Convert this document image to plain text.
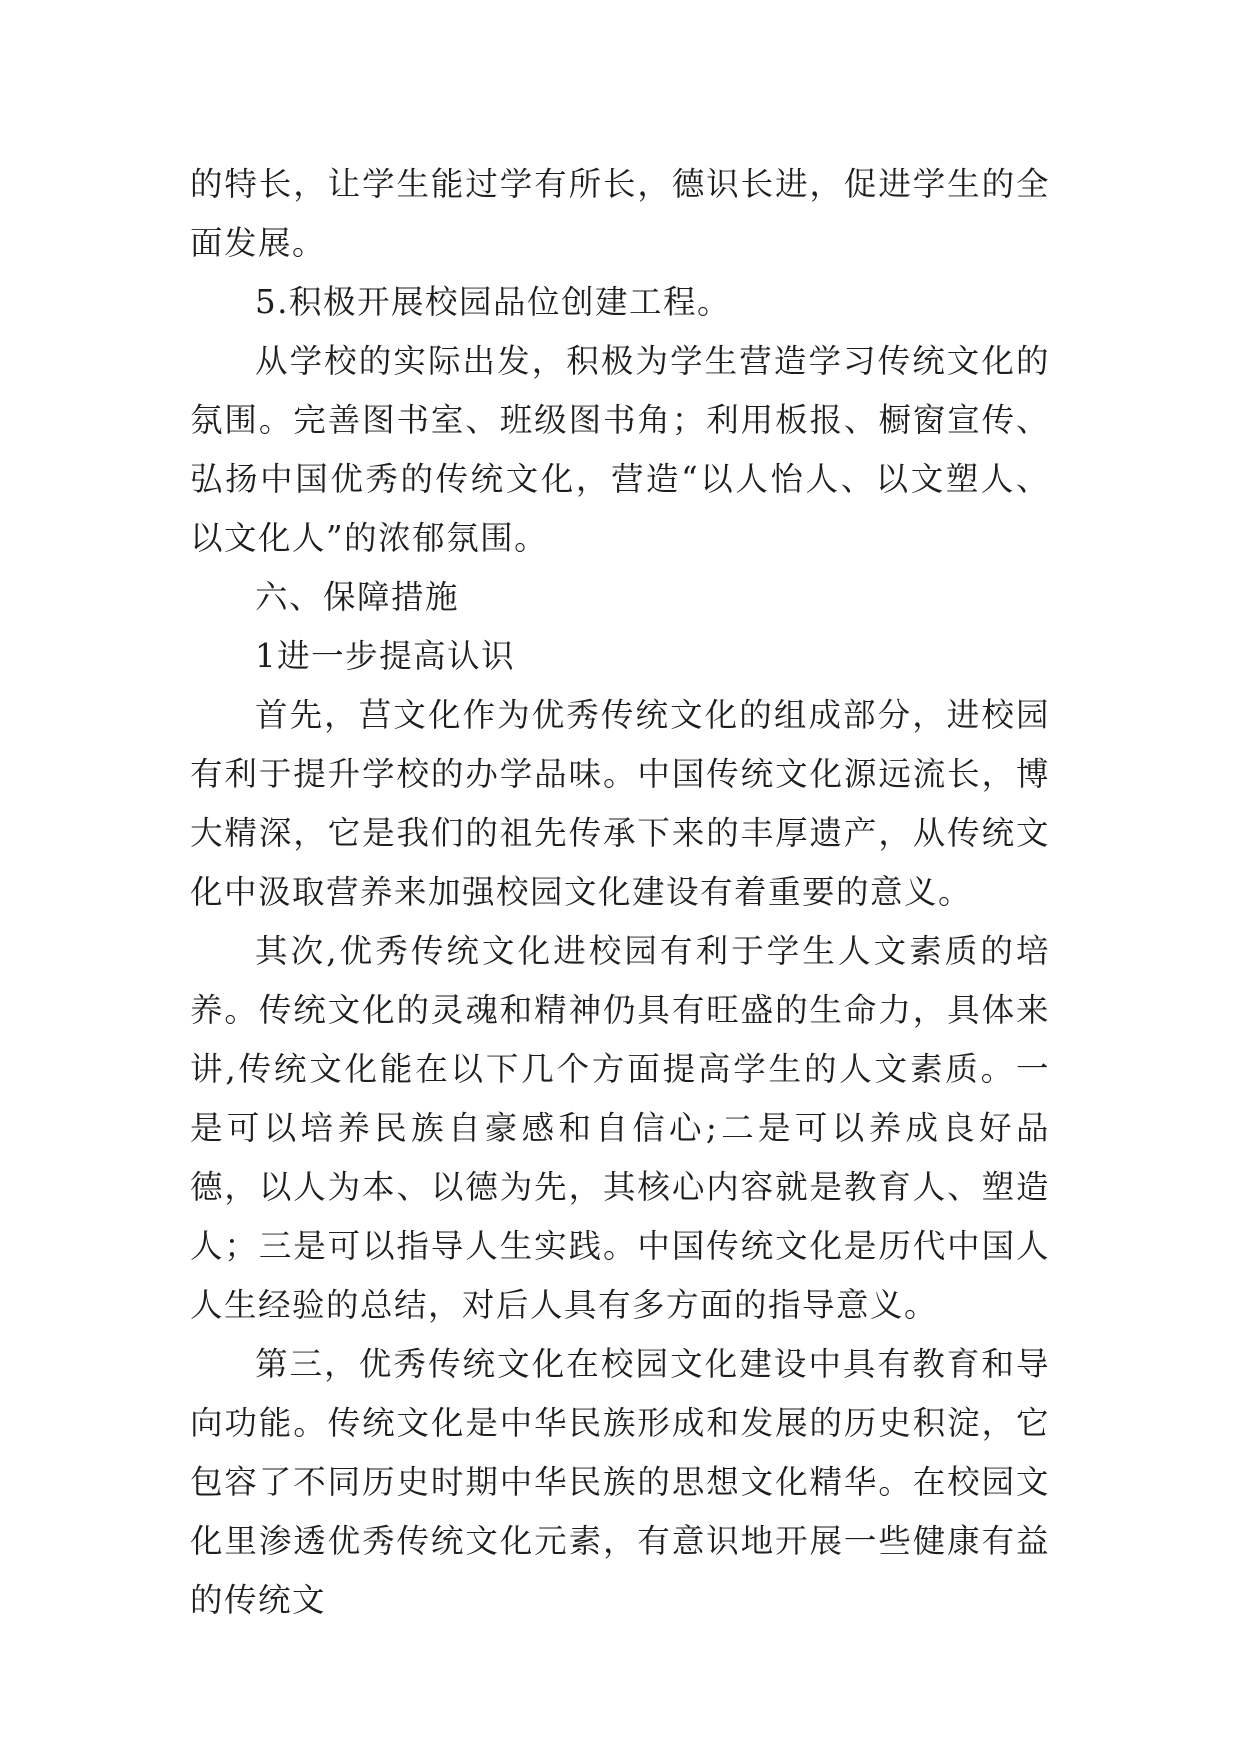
的特长，让学生能过学有所长，德识长进，促进学生的全面发展。

5.积极开展校园品位创建工程。

从学校的实际出发，积极为学生营造学习传统文化的氛围。完善图书室、班级图书角；利用板报、橱窗宣传、弘扬中国优秀的传统文化，营造“以人怡人、以文塑人、以文化人”的浓郁氛围。

六、保障措施

1进一步提高认识

首先，莒文化作为优秀传统文化的组成部分，进校园有利于提升学校的办学品味。中国传统文化源远流长，博大精深，它是我们的祖先传承下来的丰厚遗产，从传统文化中汲取营养来加强校园文化建设有着重要的意义。

其次,优秀传统文化进校园有利于学生人文素质的培养。传统文化的灵魂和精神仍具有旺盛的生命力，具体来讲,传统文化能在以下几个方面提高学生的人文素质。一是可以培养民族自豪感和自信心;二是可以养成良好品德，以人为本、以德为先，其核心内容就是教育人、塑造人；三是可以指导人生实践。中国传统文化是历代中国人人生经验的总结，对后人具有多方面的指导意义。

第三，优秀传统文化在校园文化建设中具有教育和导向功能。传统文化是中华民族形成和发展的历史积淀，它包容了不同历史时期中华民族的思想文化精华。在校园文化里渗透优秀传统文化元素，有意识地开展一些健康有益的传统文
